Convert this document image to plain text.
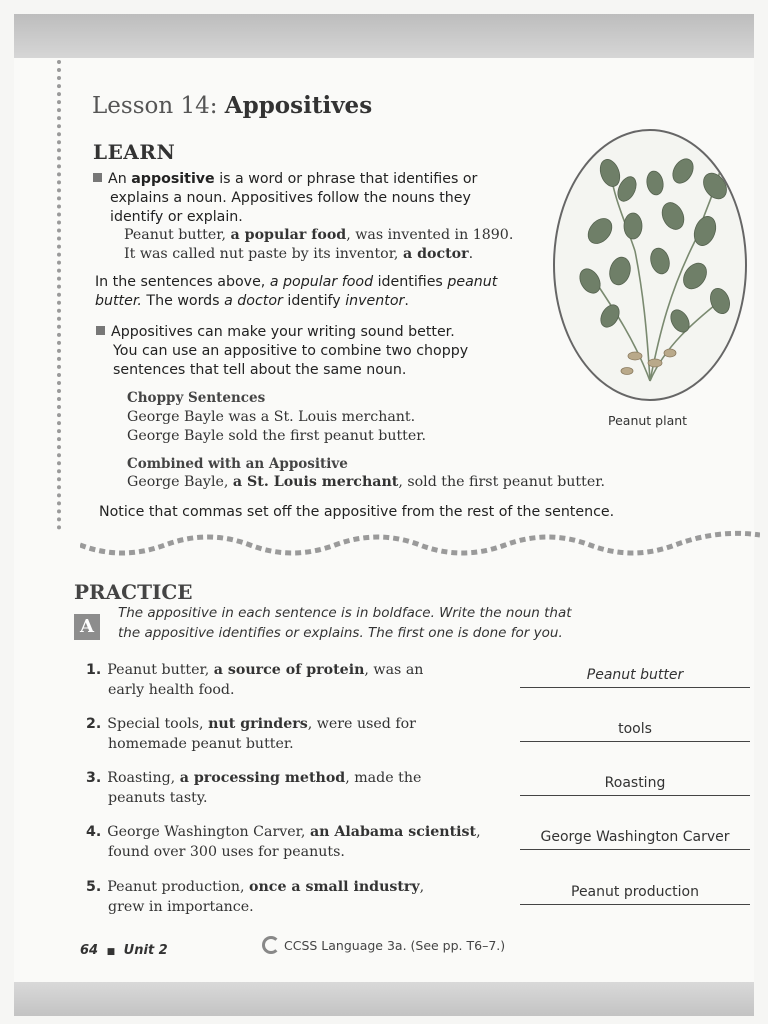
Lesson 14: Appositives
LEARN
An appositive is a word or phrase that identifies or
explains a noun. Appositives follow the nouns they
identify or explain.
Peanut butter, a popular food, was invented in 1890.
It was called nut paste by its inventor, a doctor.
In the sentences above, a popular food identifies peanut
butter. The words a doctor identify inventor.
Appositives can make your writing sound better.
You can use an appositive to combine two choppy
sentences that tell about the same noun.
Choppy Sentences
George Bayle was a St. Louis merchant.
George Bayle sold the first peanut butter.
Combined with an Appositive
George Bayle, a St. Louis merchant, sold the first peanut butter.
Notice that commas set off the appositive from the rest of the sentence.
Peanut plant
PRACTICE
A
The appositive in each sentence is in boldface. Write the noun that
the appositive identifies or explains. The first one is done for you.
1. Peanut butter, a source of protein, was an
early health food.
Peanut butter
2. Special tools, nut grinders, were used for
homemade peanut butter.
tools
3. Roasting, a processing method, made the
peanuts tasty.
Roasting
4. George Washington Carver, an Alabama scientist,
found over 300 uses for peanuts.
George Washington Carver
5. Peanut production, once a small industry,
grew in importance.
Peanut production
64 ■ Unit 2	CCSS Language 3a. (See pp. T6–7.)
